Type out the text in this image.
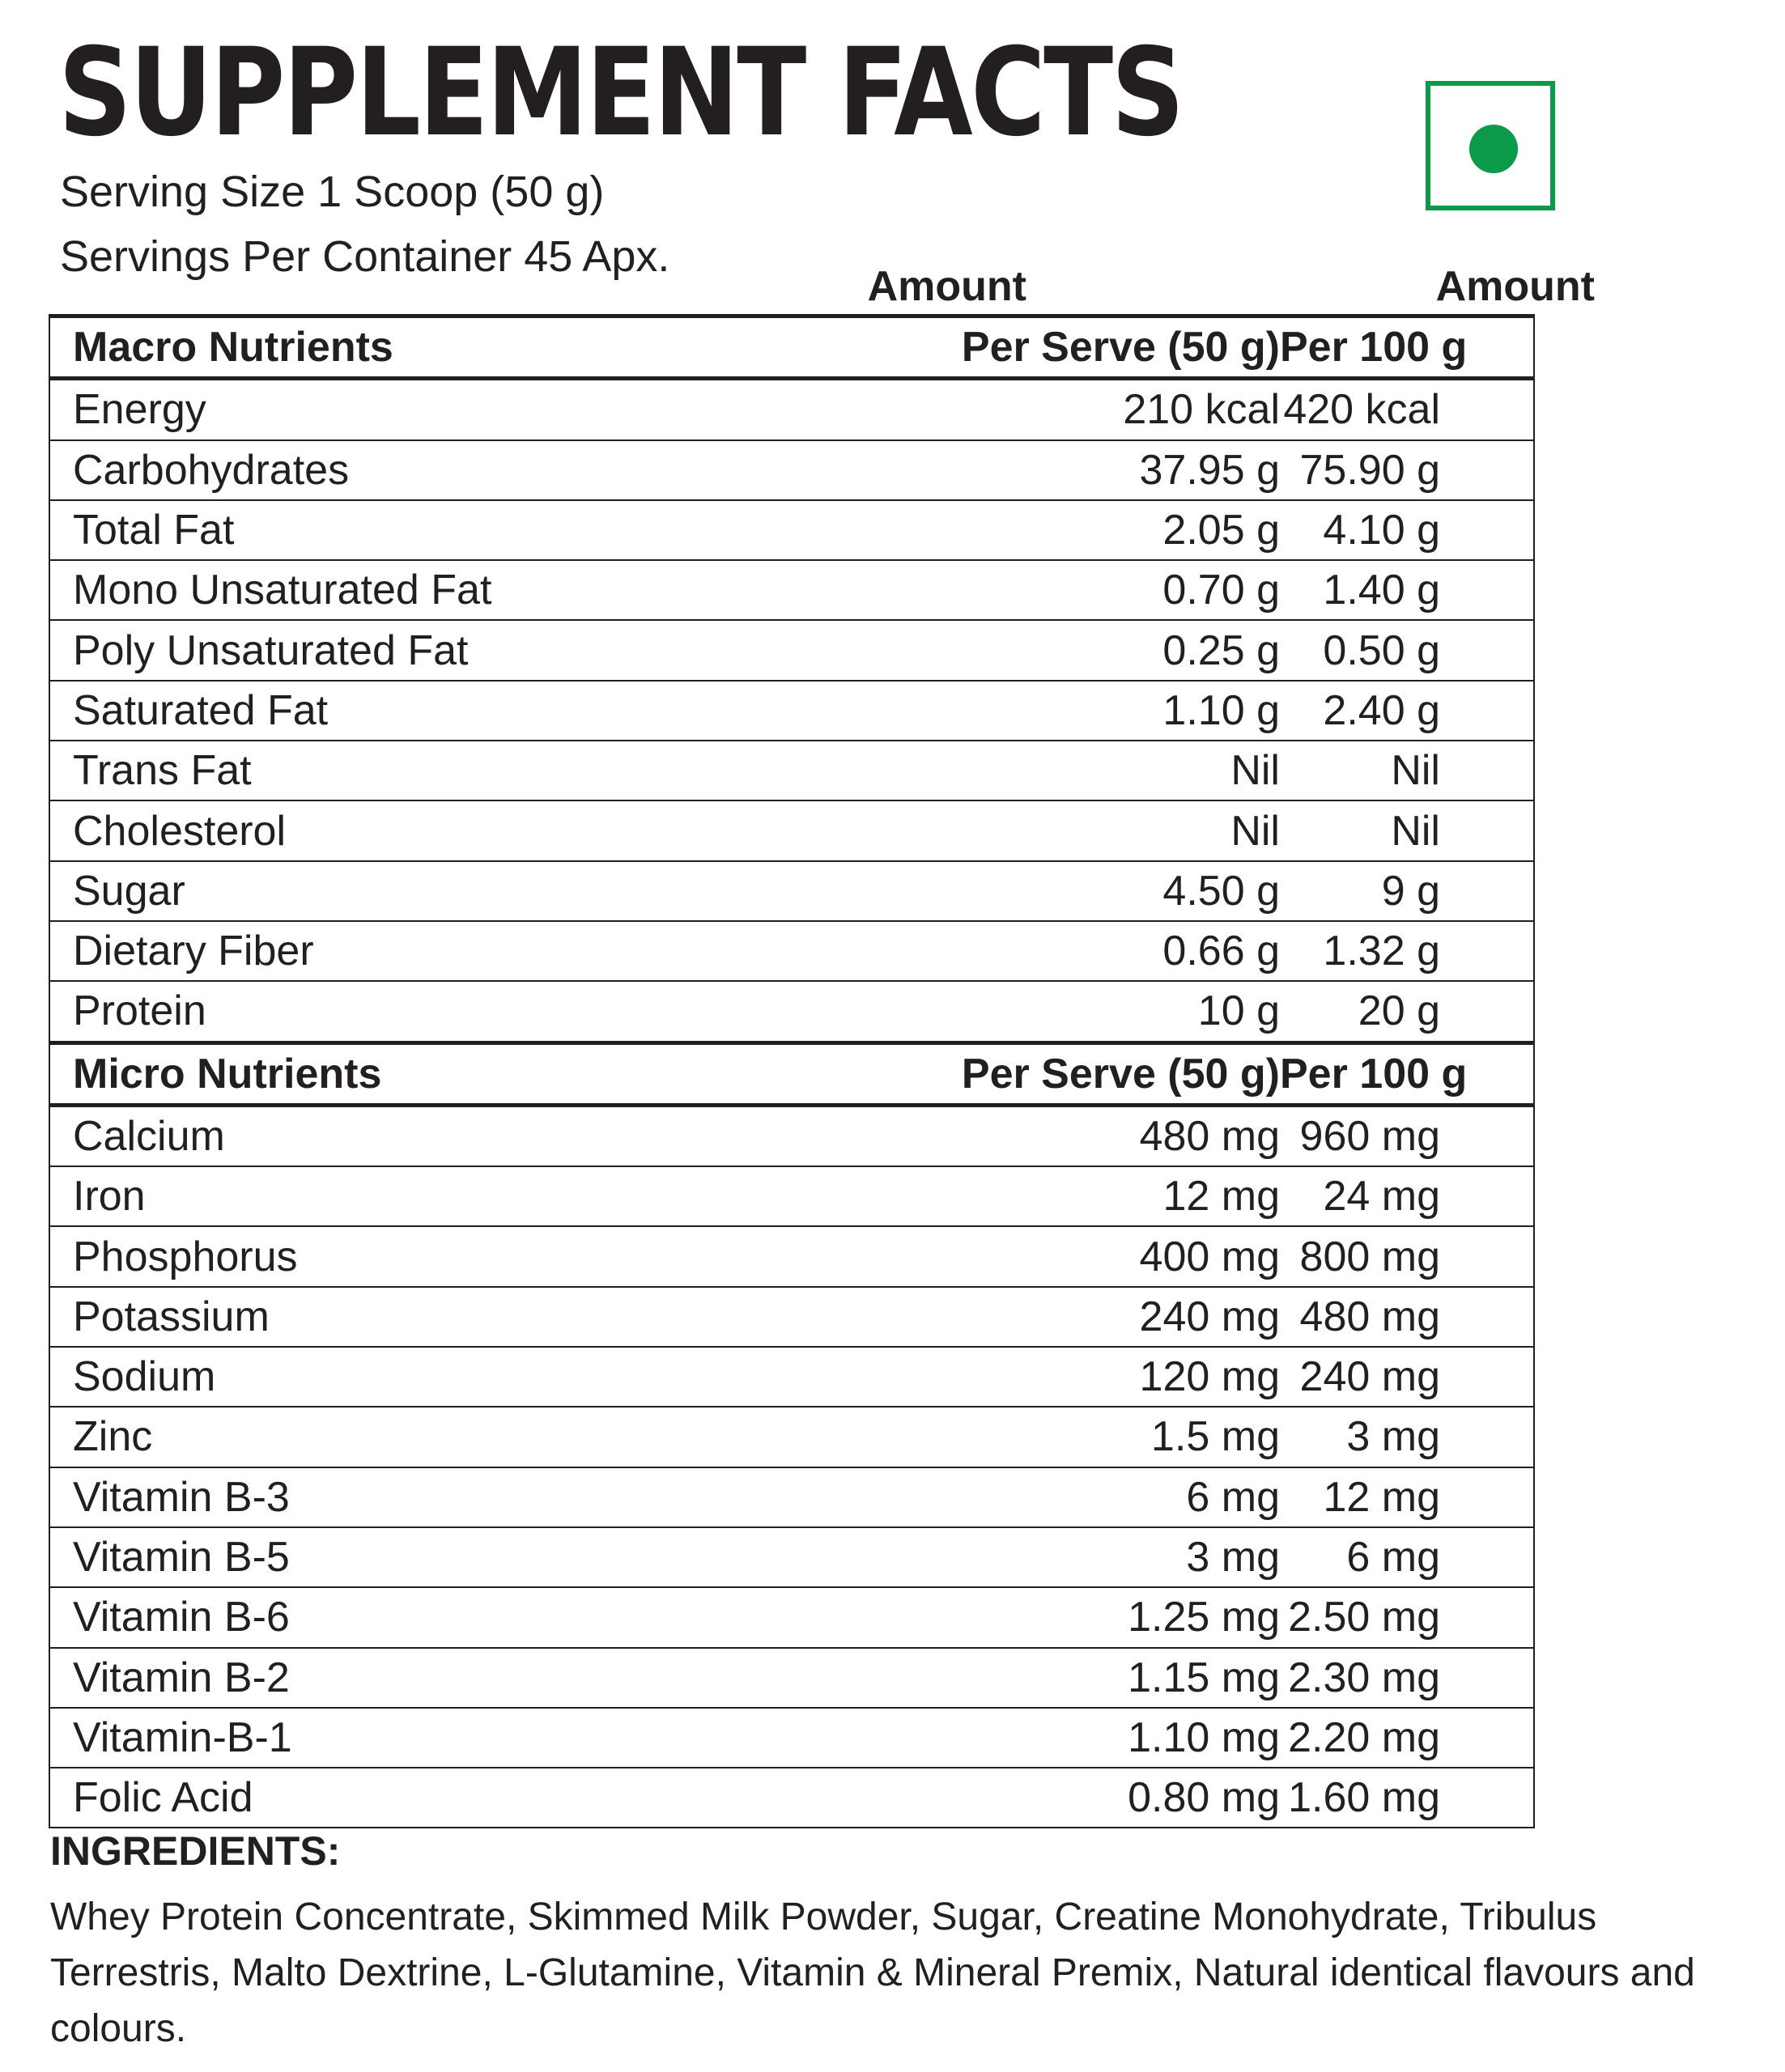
SUPPLEMENT FACTS
Serving Size 1 Scoop (50 g)
Servings Per Container 45 Apx.
Amount	Amount
Macro Nutrients	Per Serve (50 g)	Per 100 g
Energy	210 kcal	420 kcal
Carbohydrates	37.95 g	75.90 g
Total Fat	2.05 g	4.10 g
Mono Unsaturated Fat	0.70 g	1.40 g
Poly Unsaturated Fat	0.25 g	0.50 g
Saturated Fat	1.10 g	2.40 g
Trans Fat	Nil	Nil
Cholesterol	Nil	Nil
Sugar	4.50 g	9 g
Dietary Fiber	0.66 g	1.32 g
Protein	10 g	20 g
Micro Nutrients	Per Serve (50 g)	Per 100 g
Calcium	480 mg	960 mg
Iron	12 mg	24 mg
Phosphorus	400 mg	800 mg
Potassium	240 mg	480 mg
Sodium	120 mg	240 mg
Zinc	1.5 mg	3 mg
Vitamin B-3	6 mg	12 mg
Vitamin B-5	3 mg	6 mg
Vitamin B-6	1.25 mg	2.50 mg
Vitamin B-2	1.15 mg	2.30 mg
Vitamin-B-1	1.10 mg	2.20 mg
Folic Acid	0.80 mg	1.60 mg
INGREDIENTS:

Whey Protein Concentrate, Skimmed Milk Powder, Sugar, Creatine Monohydrate, Tribulus Terrestris, Malto Dextrine, L-Glutamine, Vitamin & Mineral Premix, Natural identical flavours and colours.
